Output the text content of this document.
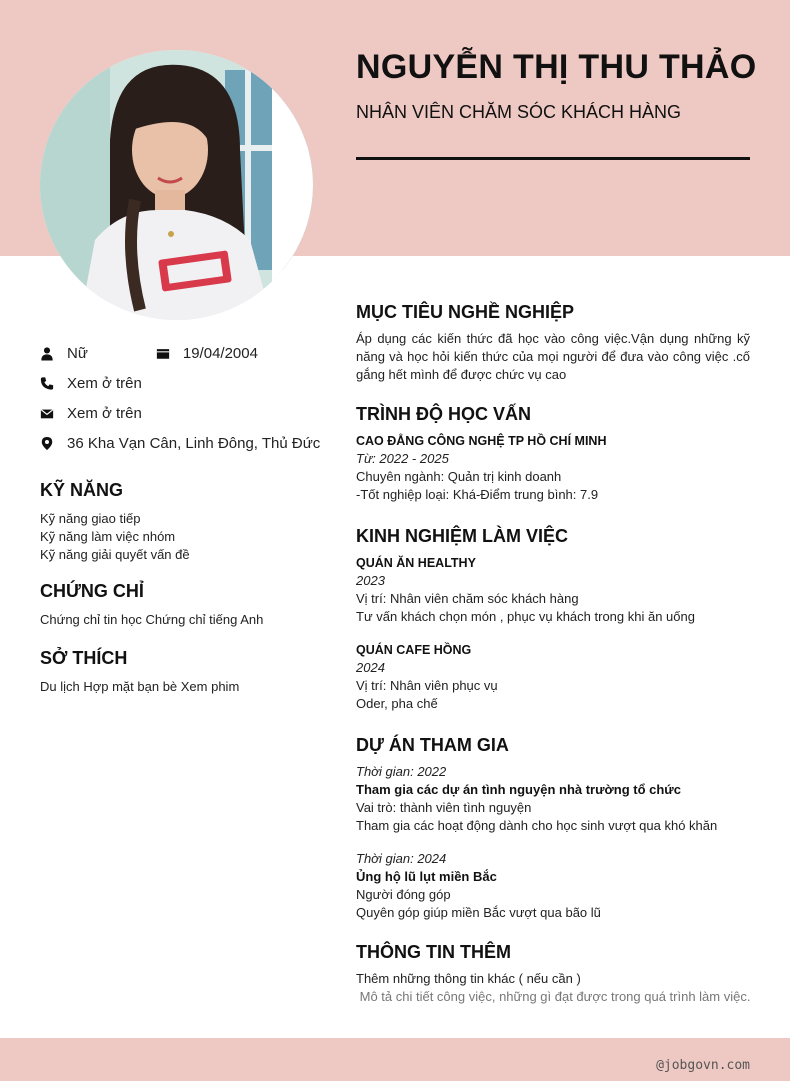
NGUYỄN THỊ THU THẢO
NHÂN VIÊN CHĂM SÓC KHÁCH HÀNG
Nữ	19/04/2004
Xem ở trên
Xem ở trên
36 Kha Vạn Cân, Linh Đông, Thủ Đức
KỸ NĂNG
Kỹ năng giao tiếp
Kỹ năng làm việc nhóm
Kỹ năng giải quyết vấn đề
CHỨNG CHỈ
Chứng chỉ tin học Chứng chỉ tiếng Anh
SỞ THÍCH
Du lịch Hợp mặt bạn bè Xem phim
MỤC TIÊU NGHỀ NGHIỆP
Áp dụng các kiến thức đã học vào công việc.Vận dụng những kỹ năng và học hỏi kiến thức của mọi người để đưa vào công việc .cố gắng hết mình để được chức vụ cao
TRÌNH ĐỘ HỌC VẤN
CAO ĐẲNG CÔNG NGHỆ TP HỒ CHÍ MINH
Từ: 2022 - 2025
Chuyên ngành: Quản trị kinh doanh
-Tốt nghiệp loại: Khá-Điểm trung bình: 7.9
KINH NGHIỆM LÀM VIỆC
QUÁN ĂN HEALTHY
2023
Vị trí: Nhân viên chăm sóc khách hàng
Tư vấn khách chọn món , phục vụ khách trong khi ăn uống
QUÁN CAFE HỒNG
2024
Vị trí: Nhân viên phục vụ
Oder, pha chế
DỰ ÁN THAM GIA
Thời gian: 2022
Tham gia các dự án tình nguyện nhà trường tổ chức
Vai trò: thành viên tình nguyện
Tham gia các hoạt động dành cho học sinh vượt qua khó khăn
Thời gian: 2024
Ủng hộ lũ lụt miền Bắc
Người đóng góp
Quyên góp giúp miền Bắc vượt qua bão lũ
THÔNG TIN THÊM
Thêm những thông tin khác ( nếu cần )
Mô tả chi tiết công việc, những gì đạt được trong quá trình làm việc.
@jobgovn.com
